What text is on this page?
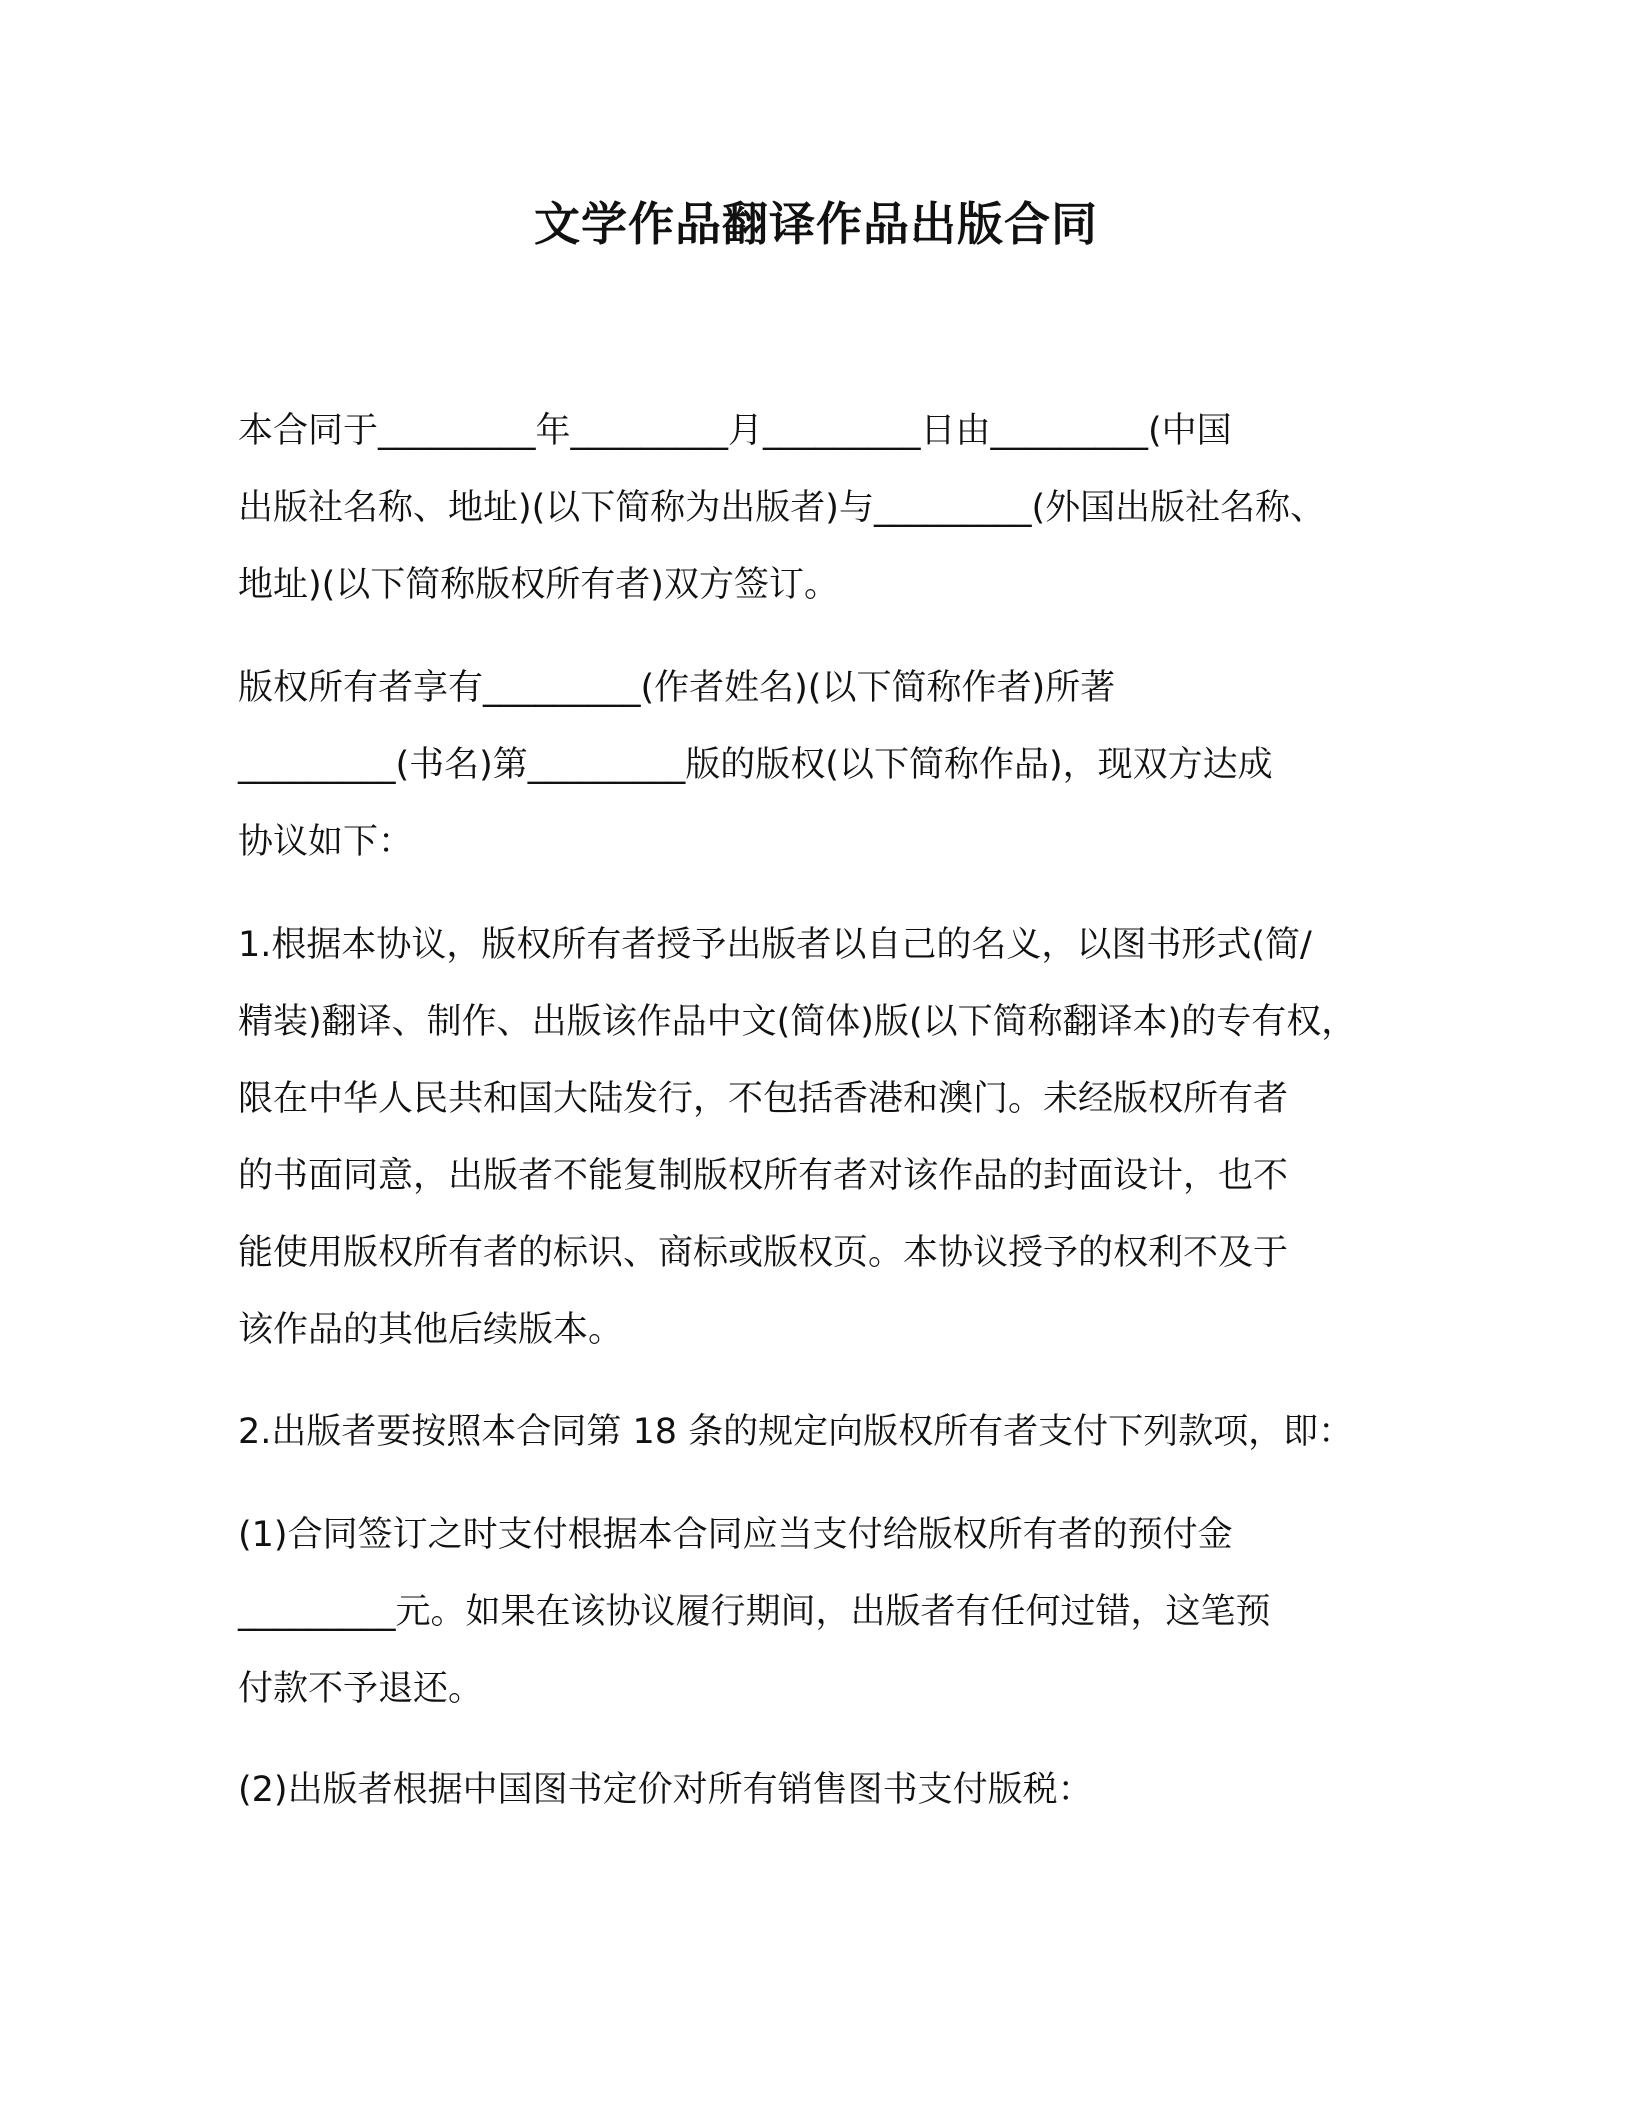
文学作品翻译作品出版合同
本合同于_________年_________月_________日由_________(中国
出版社名称、地址)(以下简称为出版者)与_________(外国出版社名称、
地址)(以下简称版权所有者)双方签订。
版权所有者享有_________(作者姓名)(以下简称作者)所著
_________(书名)第_________版的版权(以下简称作品)，现双方达成
协议如下：
1.根据本协议，版权所有者授予出版者以自己的名义，以图书形式(简/
精装)翻译、制作、出版该作品中文(简体)版(以下简称翻译本)的专有权，
限在中华人民共和国大陆发行，不包括香港和澳门。未经版权所有者
的书面同意，出版者不能复制版权所有者对该作品的封面设计，也不
能使用版权所有者的标识、商标或版权页。本协议授予的权利不及于
该作品的其他后续版本。
2.出版者要按照本合同第 18 条的规定向版权所有者支付下列款项，即：
(1)合同签订之时支付根据本合同应当支付给版权所有者的预付金
_________元。如果在该协议履行期间，出版者有任何过错，这笔预
付款不予退还。
(2)出版者根据中国图书定价对所有销售图书支付版税：
